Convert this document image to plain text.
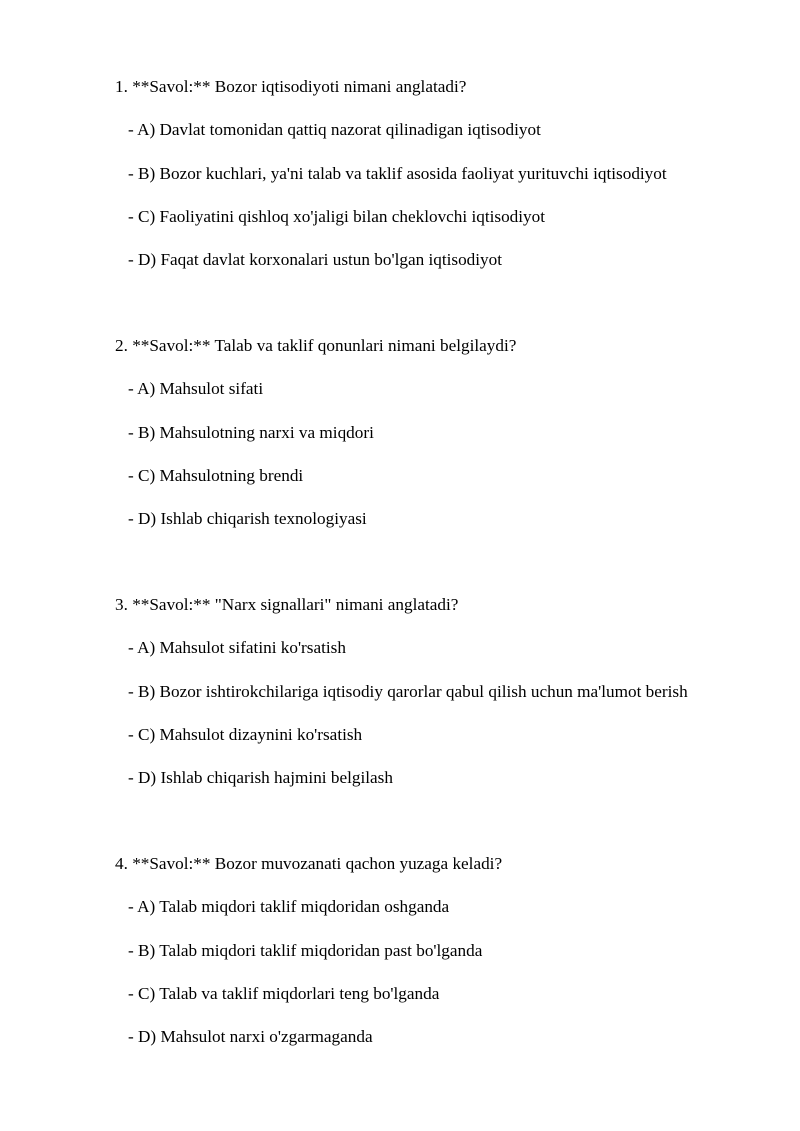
1. **Savol:** Bozor iqtisodiyoti nimani anglatadi?

- A) Davlat tomonidan qattiq nazorat qilinadigan iqtisodiyot

- B) Bozor kuchlari, ya'ni talab va taklif asosida faoliyat yurituvchi iqtisodiyot

- C) Faoliyatini qishloq xo'jaligi bilan cheklovchi iqtisodiyot

- D) Faqat davlat korxonalari ustun bo'lgan iqtisodiyot

2. **Savol:** Talab va taklif qonunlari nimani belgilaydi?

- A) Mahsulot sifati

- B) Mahsulotning narxi va miqdori

- C) Mahsulotning brendi

- D) Ishlab chiqarish texnologiyasi

3. **Savol:** "Narx signallari" nimani anglatadi?

- A) Mahsulot sifatini ko'rsatish

- B) Bozor ishtirokchilariga iqtisodiy qarorlar qabul qilish uchun ma'lumot berish

- C) Mahsulot dizaynini ko'rsatish

- D) Ishlab chiqarish hajmini belgilash

4. **Savol:** Bozor muvozanati qachon yuzaga keladi?

- A) Talab miqdori taklif miqdoridan oshganda

- B) Talab miqdori taklif miqdoridan past bo'lganda

- C) Talab va taklif miqdorlari teng bo'lganda

- D) Mahsulot narxi o'zgarmaganda
